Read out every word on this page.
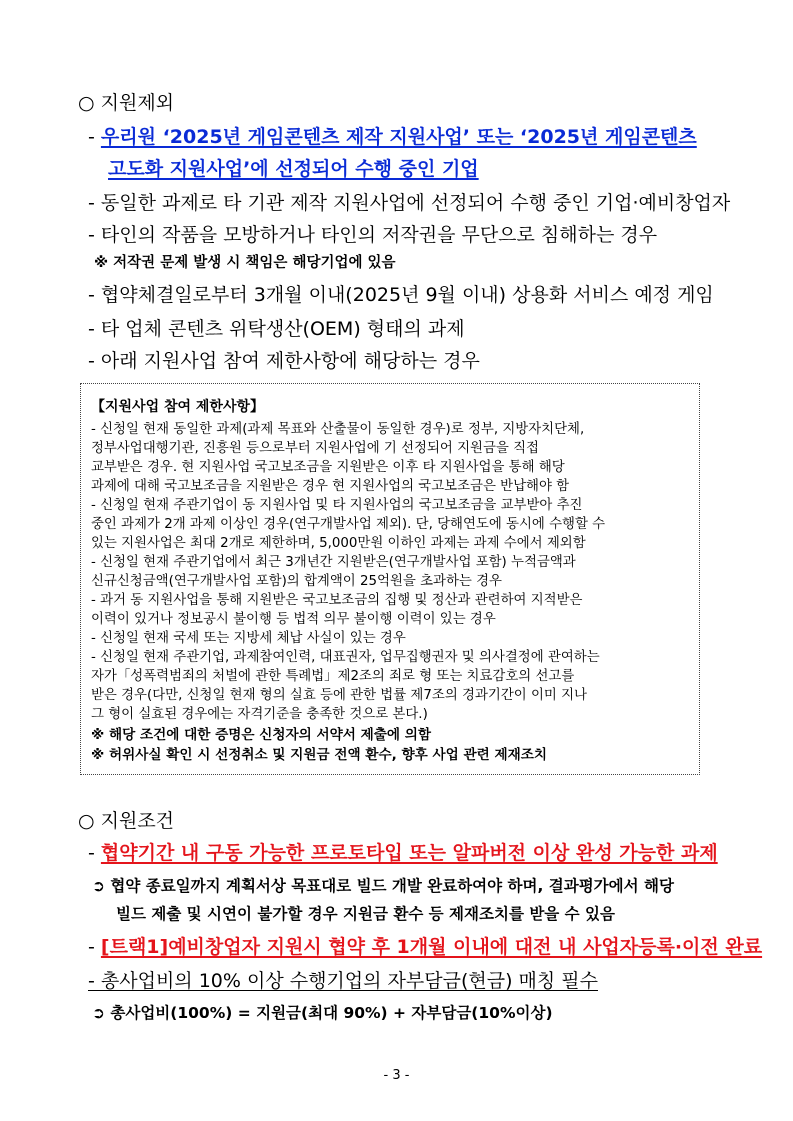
○ 지원제외
- 우리원 ‘2025년 게임콘텐츠 제작 지원사업’ 또는 ‘2025년 게임콘텐츠
고도화 지원사업’에 선정되어 수행 중인 기업
- 동일한 과제로 타 기관 제작 지원사업에 선정되어 수행 중인 기업·예비창업자
- 타인의 작품을 모방하거나 타인의 저작권을 무단으로 침해하는 경우
※ 저작권 문제 발생 시 책임은 해당기업에 있음
- 협약체결일로부터 3개월 이내(2025년 9월 이내) 상용화 서비스 예정 게임
- 타 업체 콘텐츠 위탁생산(OEM) 형태의 과제
- 아래 지원사업 참여 제한사항에 해당하는 경우
【지원사업 참여 제한사항】
- 신청일 현재 동일한 과제(과제 목표와 산출물이 동일한 경우)로 정부, 지방자치단체,
정부사업대행기관, 진흥원 등으로부터 지원사업에 기 선정되어 지원금을 직접
교부받은 경우. 현 지원사업 국고보조금을 지원받은 이후 타 지원사업을 통해 해당
과제에 대해 국고보조금을 지원받은 경우 현 지원사업의 국고보조금은 반납해야 함
- 신청일 현재 주관기업이 동 지원사업 및 타 지원사업의 국고보조금을 교부받아 추진
중인 과제가 2개 과제 이상인 경우(연구개발사업 제외). 단, 당해연도에 동시에 수행할 수
있는 지원사업은 최대 2개로 제한하며, 5,000만원 이하인 과제는 과제 수에서 제외함
- 신청일 현재 주관기업에서 최근 3개년간 지원받은(연구개발사업 포함) 누적금액과
신규신청금액(연구개발사업 포함)의 합계액이 25억원을 초과하는 경우
- 과거 동 지원사업을 통해 지원받은 국고보조금의 집행 및 정산과 관련하여 지적받은
이력이 있거나 정보공시 불이행 등 법적 의무 불이행 이력이 있는 경우
- 신청일 현재 국세 또는 지방세 체납 사실이 있는 경우
- 신청일 현재 주관기업, 과제참여인력, 대표권자, 업무집행권자 및 의사결정에 관여하는
자가「성폭력범죄의 처벌에 관한 특례법」제2조의 죄로 형 또는 치료감호의 선고를
받은 경우(다만, 신청일 현재 형의 실효 등에 관한 법률 제7조의 경과기간이 이미 지나
그 형이 실효된 경우에는 자격기준을 충족한 것으로 본다.)
※ 해당 조건에 대한 증명은 신청자의 서약서 제출에 의함
※ 허위사실 확인 시 선정취소 및 지원금 전액 환수, 향후 사업 관련 제재조치
○ 지원조건
- 협약기간 내 구동 가능한 프로토타입 또는 알파버전 이상 완성 가능한 과제
➲ 협약 종료일까지 계획서상 목표대로 빌드 개발 완료하여야 하며, 결과평가에서 해당
빌드 제출 및 시연이 불가할 경우 지원금 환수 등 제재조치를 받을 수 있음
- [트랙1]예비창업자 지원시 협약 후 1개월 이내에 대전 내 사업자등록·이전 완료
- 총사업비의 10% 이상 수행기업의 자부담금(현금) 매칭 필수
➲ 총사업비(100%) = 지원금(최대 90%) + 자부담금(10%이상)
- 3 -
